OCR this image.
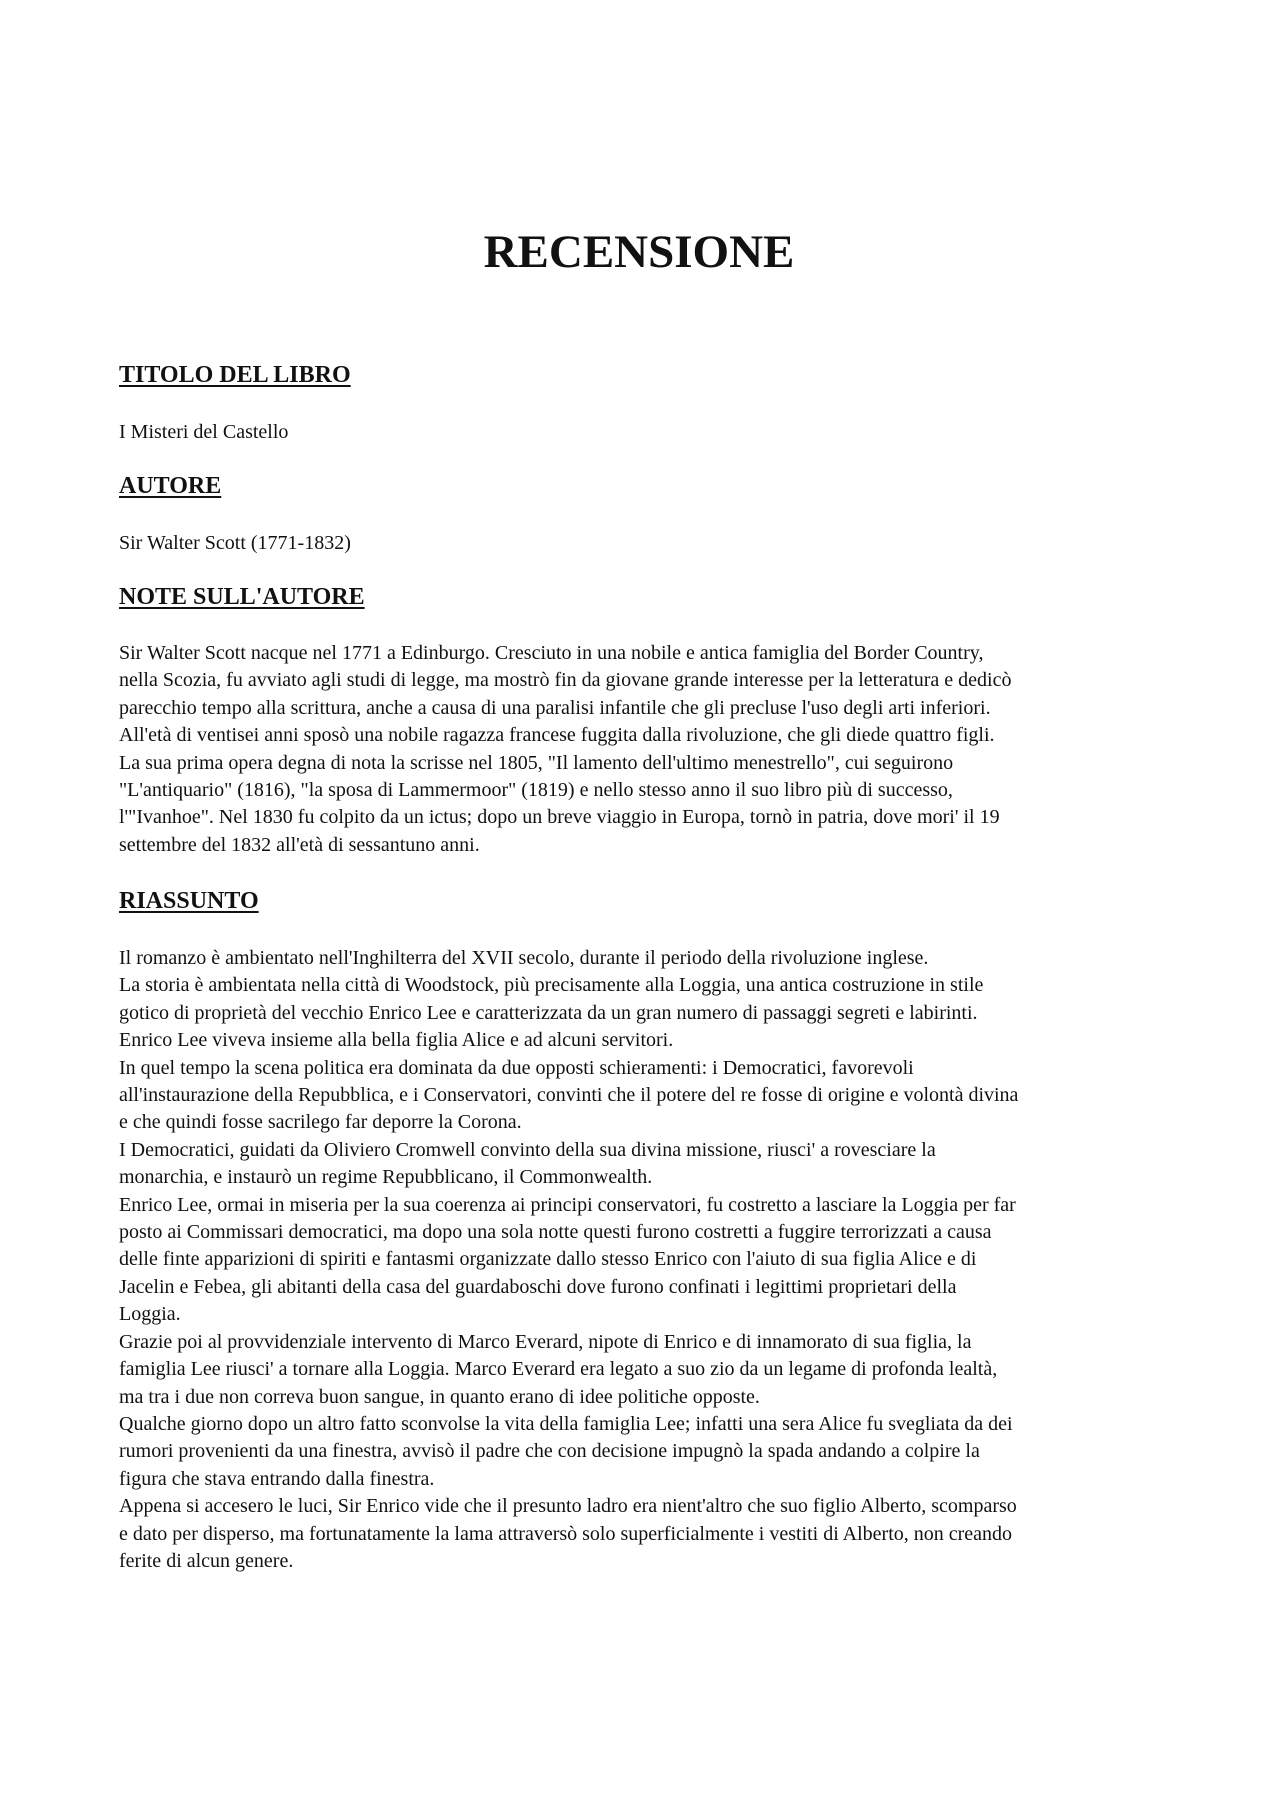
RECENSIONE
TITOLO DEL LIBRO

I Misteri del Castello

AUTORE

Sir Walter Scott (1771-1832)

NOTE SULL'AUTORE
Sir Walter Scott nacque nel 1771 a Edinburgo. Cresciuto in una nobile e antica famiglia del Border Country,
nella Scozia, fu avviato agli studi di legge, ma mostrò fin da giovane grande interesse per la letteratura e dedicò
parecchio tempo alla scrittura, anche a causa di una paralisi infantile che gli precluse l'uso degli arti inferiori.
All'età di ventisei anni sposò una nobile ragazza francese fuggita dalla rivoluzione, che gli diede quattro figli.
La sua prima opera degna di nota la scrisse nel 1805, "Il lamento dell'ultimo menestrello", cui seguirono
"L'antiquario" (1816), "la sposa di Lammermoor" (1819) e nello stesso anno il suo libro più di successo,
l'"Ivanhoe". Nel 1830 fu colpito da un ictus; dopo un breve viaggio in Europa, tornò in patria, dove mori' il 19
settembre del 1832 all'età di sessantuno anni.
RIASSUNTO
Il romanzo è ambientato nell'Inghilterra del XVII secolo, durante il periodo della rivoluzione inglese.
La storia è ambientata nella città di Woodstock, più precisamente alla Loggia, una antica costruzione in stile
gotico di proprietà del vecchio Enrico Lee e caratterizzata da un gran numero di passaggi segreti e labirinti.
Enrico Lee viveva insieme alla bella figlia Alice e ad alcuni servitori.
In quel tempo la scena politica era dominata da due opposti schieramenti: i Democratici, favorevoli
all'instaurazione della Repubblica, e i Conservatori, convinti che il potere del re fosse di origine e volontà divina
e che quindi fosse sacrilego far deporre la Corona.
I Democratici, guidati da Oliviero Cromwell convinto della sua divina missione, riusci' a rovesciare la
monarchia, e instaurò un regime Repubblicano, il Commonwealth.
Enrico Lee, ormai in miseria per la sua coerenza ai principi conservatori, fu costretto a lasciare la Loggia per far
posto ai Commissari democratici, ma dopo una sola notte questi furono costretti a fuggire terrorizzati a causa
delle finte apparizioni di spiriti e fantasmi organizzate dallo stesso Enrico con l'aiuto di sua figlia Alice e di
Jacelin e Febea, gli abitanti della casa del guardaboschi dove furono confinati i legittimi proprietari della
Loggia.
Grazie poi al provvidenziale intervento di Marco Everard, nipote di Enrico e di innamorato di sua figlia, la
famiglia Lee riusci' a tornare alla Loggia. Marco Everard era legato a suo zio da un legame di profonda lealtà,
ma tra i due non correva buon sangue, in quanto erano di idee politiche opposte.
Qualche giorno dopo un altro fatto sconvolse la vita della famiglia Lee; infatti una sera Alice fu svegliata da dei
rumori provenienti da una finestra, avvisò il padre che con decisione impugnò la spada andando a colpire la
figura che stava entrando dalla finestra.
Appena si accesero le luci, Sir Enrico vide che il presunto ladro era nient'altro che suo figlio Alberto, scomparso
e dato per disperso, ma fortunatamente la lama attraversò solo superficialmente i vestiti di Alberto, non creando
ferite di alcun genere.
